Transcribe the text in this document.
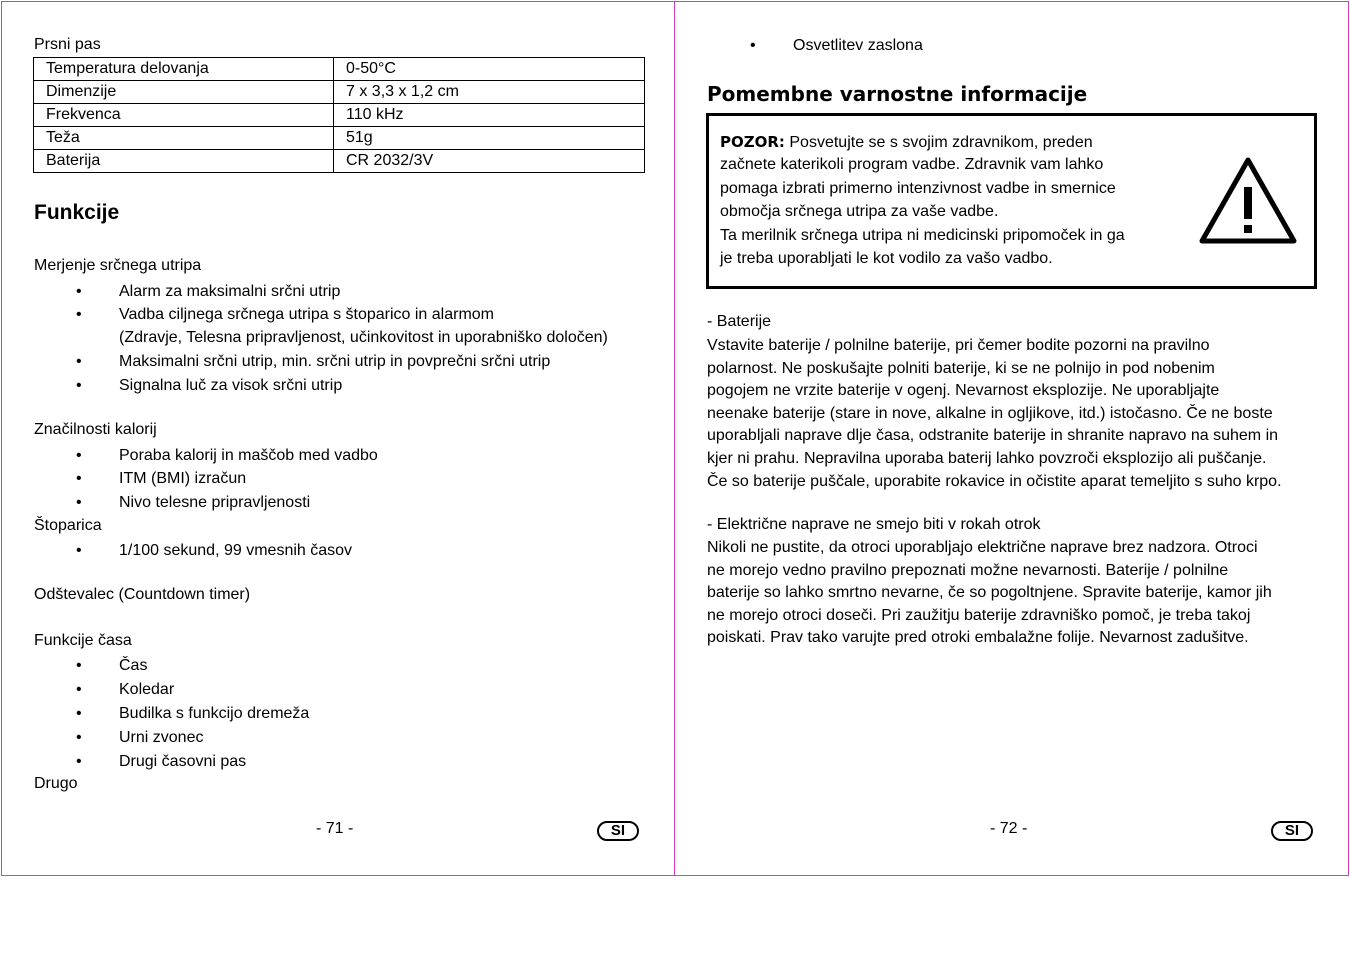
Prsni pas
Temperatura delovanja	0-50°C
Dimenzije	7 x 3,3 x 1,2 cm
Frekvenca	110 kHz
Teža	51g
Baterija	CR 2032/3V
Funkcije
Merjenje srčnega utripa
• Alarm za maksimalni srčni utrip
• Vadba ciljnega srčnega utripa s štoparico in alarmom
(Zdravje, Telesna pripravljenost, učinkovitost in uporabniško določen)
• Maksimalni srčni utrip, min. srčni utrip in povprečni srčni utrip
• Signalna luč za visok srčni utrip
Značilnosti kalorij
• Poraba kalorij in maščob med vadbo
• ITM (BMI) izračun
• Nivo telesne pripravljenosti
Štoparica
• 1/100 sekund, 99 vmesnih časov
Odštevalec (Countdown timer)
Funkcije časa
• Čas
• Koledar
• Budilka s funkcijo dremeža
• Urni zvonec
• Drugi časovni pas
Drugo
- 71 -	SI
• Osvetlitev zaslona
Pomembne varnostne informacije
POZOR: Posvetujte se s svojim zdravnikom, preden
začnete katerikoli program vadbe. Zdravnik vam lahko
pomaga izbrati primerno intenzivnost vadbe in smernice
območja srčnega utripa za vaše vadbe.
Ta merilnik srčnega utripa ni medicinski pripomoček in ga
je treba uporabljati le kot vodilo za vašo vadbo.
- Baterije
Vstavite baterije / polnilne baterije, pri čemer bodite pozorni na pravilno
polarnost. Ne poskušajte polniti baterije, ki se ne polnijo in pod nobenim
pogojem ne vrzite baterije v ogenj. Nevarnost eksplozije. Ne uporabljajte
neenake baterije (stare in nove, alkalne in ogljikove, itd.) istočasno. Če ne boste
uporabljali naprave dlje časa, odstranite baterije in shranite napravo na suhem in
kjer ni prahu. Nepravilna uporaba baterij lahko povzroči eksplozijo ali puščanje.
Če so baterije puščale, uporabite rokavice in očistite aparat temeljito s suho krpo.
- Električne naprave ne smejo biti v rokah otrok
Nikoli ne pustite, da otroci uporabljajo električne naprave brez nadzora. Otroci
ne morejo vedno pravilno prepoznati možne nevarnosti. Baterije / polnilne
baterije so lahko smrtno nevarne, če so pogoltnjene. Spravite baterije, kamor jih
ne morejo otroci doseči. Pri zaužitju baterije zdravniško pomoč, je treba takoj
poiskati. Prav tako varujte pred otroki embalažne folije. Nevarnost zadušitve.
- 72 -	SI
